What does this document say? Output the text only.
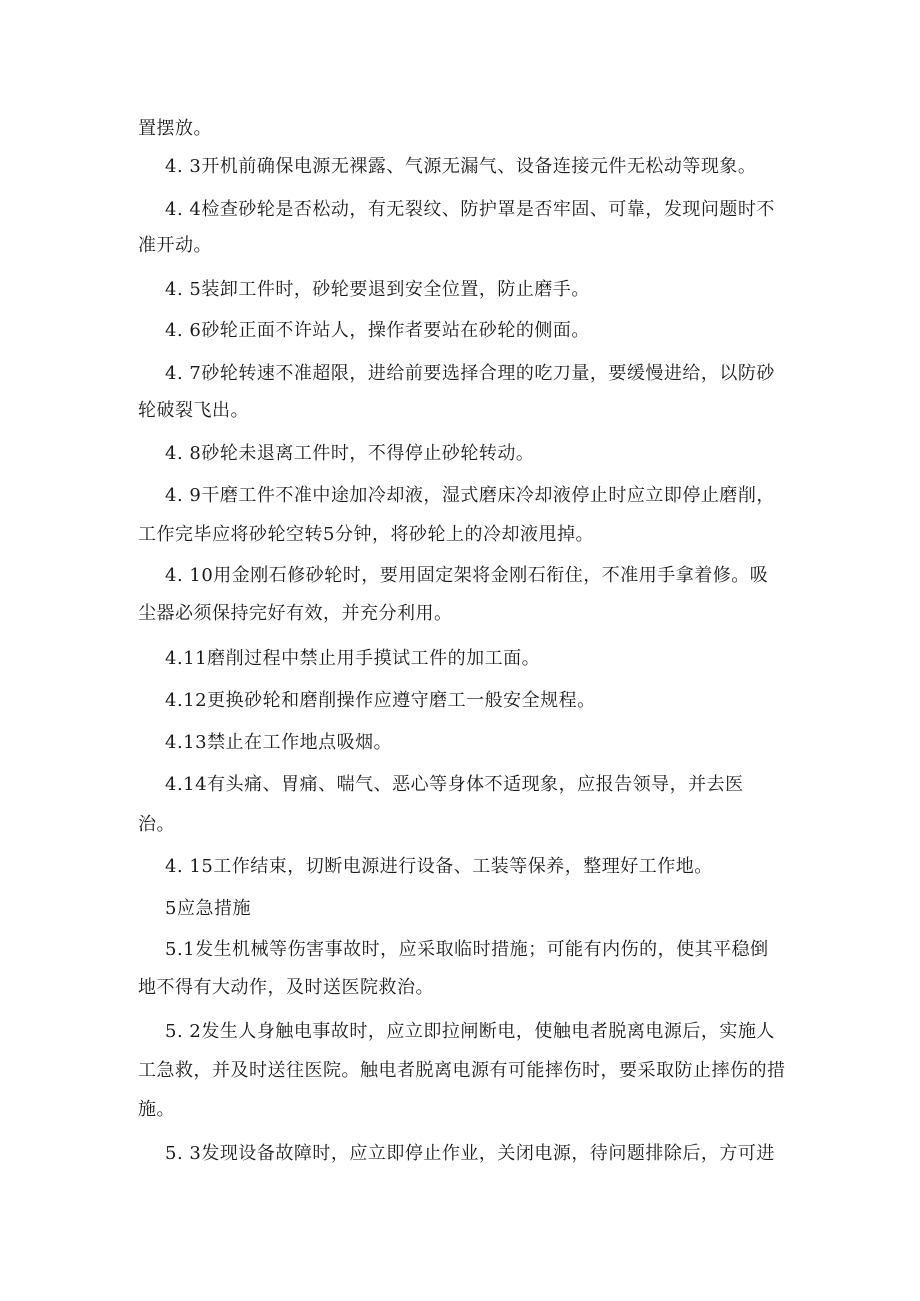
置摆放。
4. 3开机前确保电源无裸露、气源无漏气、设备连接元件无松动等现象。
4. 4检查砂轮是否松动，有无裂纹、防护罩是否牢固、可靠，发现问题时不
准开动。
4. 5装卸工件时，砂轮要退到安全位置，防止磨手。
4. 6砂轮正面不许站人，操作者要站在砂轮的侧面。
4. 7砂轮转速不准超限，进给前要选择合理的吃刀量，要缓慢进给，以防砂
轮破裂飞出。
4. 8砂轮未退离工件时，不得停止砂轮转动。
4. 9干磨工件不准中途加冷却液，湿式磨床冷却液停止时应立即停止磨削，
工作完毕应将砂轮空转5分钟，将砂轮上的冷却液甩掉。
4. 10用金刚石修砂轮时，要用固定架将金刚石衔住，不准用手拿着修。吸
尘器必须保持完好有效，并充分利用。
4.11磨削过程中禁止用手摸试工件的加工面。
4.12更换砂轮和磨削操作应遵守磨工一般安全规程。
4.13禁止在工作地点吸烟。
4.14有头痛、胃痛、喘气、恶心等身体不适现象，应报告领导，并去医
治。
4. 15工作结束，切断电源进行设备、工装等保养，整理好工作地。
5应急措施
5.1发生机械等伤害事故时，应采取临时措施；可能有内伤的，使其平稳倒
地不得有大动作，及时送医院救治。
5. 2发生人身触电事故时，应立即拉闸断电，使触电者脱离电源后，实施人
工急救，并及时送往医院。触电者脱离电源有可能摔伤时，要采取防止摔伤的措
施。
5. 3发现设备故障时，应立即停止作业，关闭电源，待问题排除后，方可进
